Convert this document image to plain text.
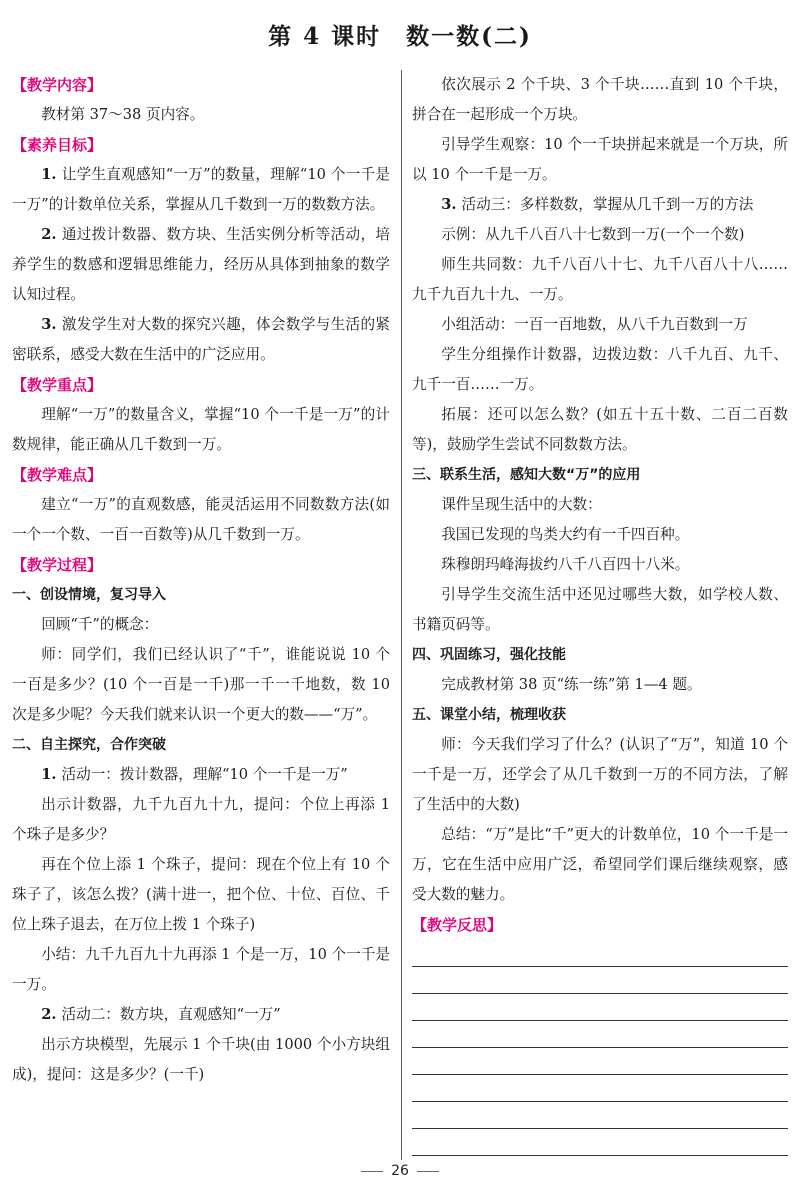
第 4 课时　数一数(二)
【教学内容】
教材第 37～38 页内容。
【素养目标】
1. 让学生直观感知“一万”的数量，理解“10 个一千是一万”的计数单位关系，掌握从几千数到一万的数数方法。
2. 通过拨计数器、数方块、生活实例分析等活动，培养学生的数感和逻辑思维能力，经历从具体到抽象的数学认知过程。
3. 激发学生对大数的探究兴趣，体会数学与生活的紧密联系，感受大数在生活中的广泛应用。
【教学重点】
理解“一万”的数量含义，掌握“10 个一千是一万”的计数规律，能正确从几千数到一万。
【教学难点】
建立“一万”的直观数感，能灵活运用不同数数方法(如一个一个数、一百一百数等)从几千数到一万。
【教学过程】
一、创设情境，复习导入
回顾“千”的概念：
师：同学们，我们已经认识了“千”，谁能说说 10 个一百是多少？(10 个一百是一千)那一千一千地数，数 10 次是多少呢？今天我们就来认识一个更大的数——“万”。
二、自主探究，合作突破
1. 活动一：拨计数器，理解“10 个一千是一万”
出示计数器，九千九百九十九，提问：个位上再添 1 个珠子是多少？
再在个位上添 1 个珠子，提问：现在个位上有 10 个珠子了，该怎么拨？(满十进一，把个位、十位、百位、千位上珠子退去，在万位上拨 1 个珠子)
小结：九千九百九十九再添 1 个是一万，10 个一千是一万。
2. 活动二：数方块，直观感知“一万”
出示方块模型，先展示 1 个千块(由 1000 个小方块组成)，提问：这是多少？(一千)
依次展示 2 个千块、3 个千块……直到 10 个千块，拼合在一起形成一个万块。
引导学生观察：10 个一千块拼起来就是一个万块，所以 10 个一千是一万。
3. 活动三：多样数数，掌握从几千到一万的方法
示例：从九千八百八十七数到一万(一个一个数)
师生共同数：九千八百八十七、九千八百八十八……九千九百九十九、一万。
小组活动：一百一百地数，从八千九百数到一万
学生分组操作计数器，边拨边数：八千九百、九千、九千一百……一万。
拓展：还可以怎么数？(如五十五十数、二百二百数等)，鼓励学生尝试不同数数方法。
三、联系生活，感知大数“万”的应用
课件呈现生活中的大数：
我国已发现的鸟类大约有一千四百种。
珠穆朗玛峰海拔约八千八百四十八米。
引导学生交流生活中还见过哪些大数，如学校人数、书籍页码等。
四、巩固练习，强化技能
完成教材第 38 页“练一练”第 1—4 题。
五、课堂小结，梳理收获
师：今天我们学习了什么？(认识了“万”，知道 10 个一千是一万，还学会了从几千数到一万的不同方法，了解了生活中的大数)
总结：“万”是比“千”更大的计数单位，10 个一千是一万，它在生活中应用广泛，希望同学们课后继续观察，感受大数的魅力。
【教学反思】
26
